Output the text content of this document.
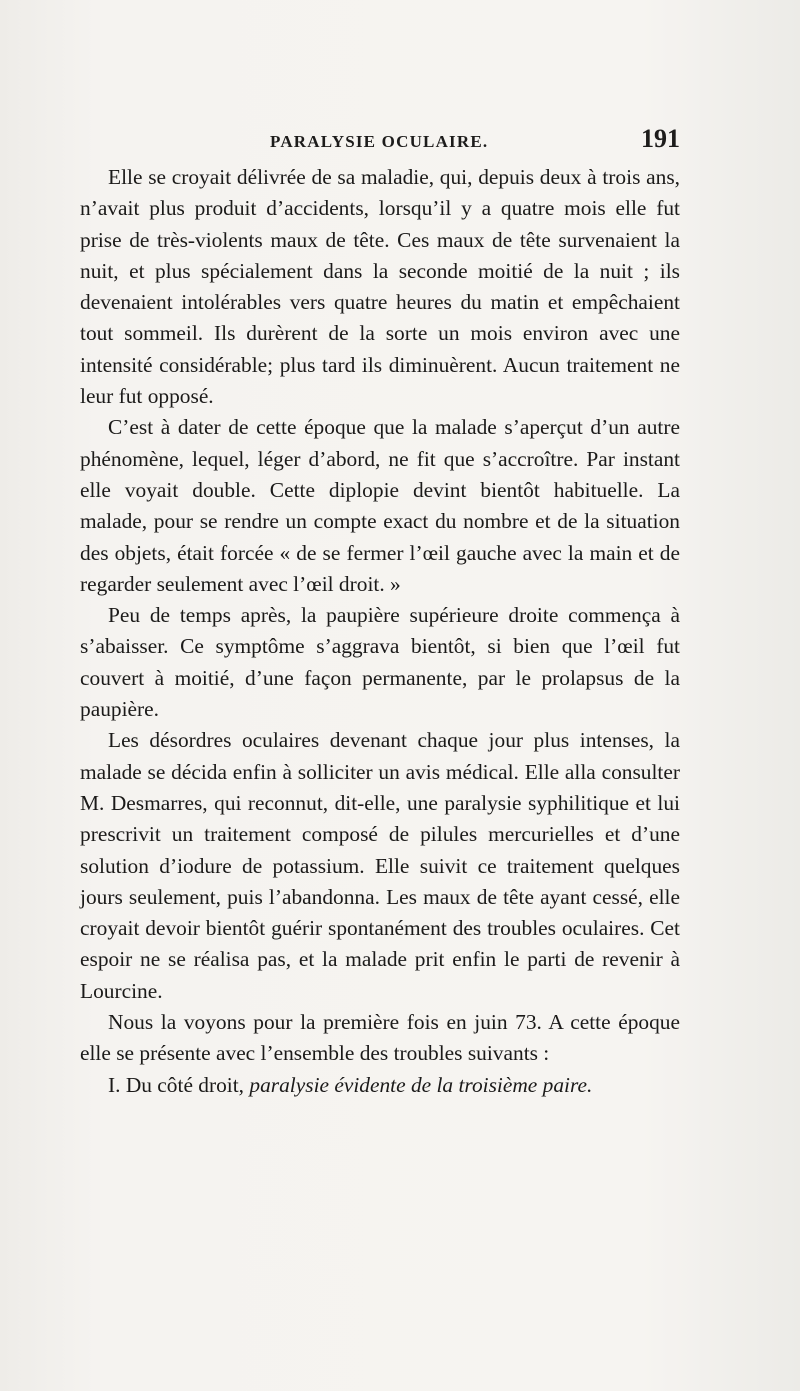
PARALYSIE OCULAIRE.	191

Elle se croyait délivrée de sa maladie, qui, depuis deux à trois ans, n’avait plus produit d’accidents, lorsqu’il y a quatre mois elle fut prise de très-violents maux de tête. Ces maux de tête survenaient la nuit, et plus spécialement dans la seconde moitié de la nuit ; ils devenaient intolérables vers quatre heures du matin et empêchaient tout sommeil. Ils durèrent de la sorte un mois environ avec une intensité considérable; plus tard ils diminuèrent. Aucun traitement ne leur fut opposé.

C’est à dater de cette époque que la malade s’aperçut d’un autre phénomène, lequel, léger d’abord, ne fit que s’accroître. Par instant elle voyait double. Cette diplopie devint bientôt habituelle. La malade, pour se rendre un compte exact du nombre et de la situation des objets, était forcée « de se fermer l’œil gauche avec la main et de regarder seulement avec l’œil droit. »

Peu de temps après, la paupière supérieure droite commença à s’abaisser. Ce symptôme s’aggrava bientôt, si bien que l’œil fut couvert à moitié, d’une façon permanente, par le prolapsus de la paupière.

Les désordres oculaires devenant chaque jour plus intenses, la malade se décida enfin à solliciter un avis médical. Elle alla consulter M. Desmarres, qui reconnut, dit-elle, une paralysie syphilitique et lui prescrivit un traitement composé de pilules mercurielles et d’une solution d’iodure de potassium. Elle suivit ce traitement quelques jours seulement, puis l’abandonna. Les maux de tête ayant cessé, elle croyait devoir bientôt guérir spontanément des troubles oculaires. Cet espoir ne se réalisa pas, et la malade prit enfin le parti de revenir à Lourcine.

Nous la voyons pour la première fois en juin 73. A cette époque elle se présente avec l’ensemble des troubles suivants :

I. Du côté droit, paralysie évidente de la troisième paire.
